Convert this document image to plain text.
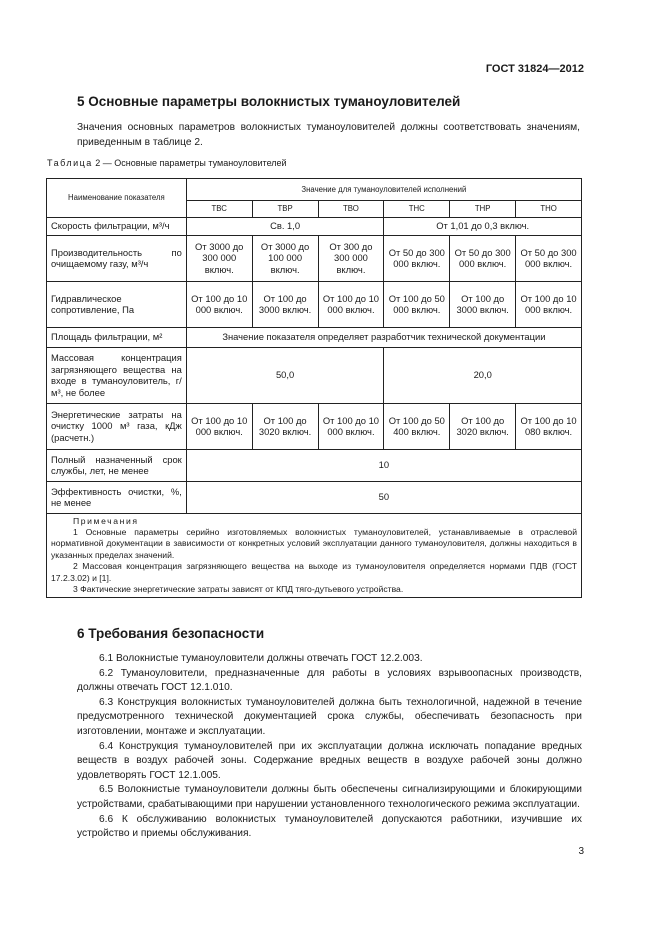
ГОСТ 31824—2012
5 Основные параметры волокнистых туманоуловителей
Значения основных параметров волокнистых туманоуловителей должны соответствовать значениям, приведенным в таблице 2.
Таблица 2 — Основные параметры туманоуловителей
Наименование показателя	Значение для туманоуловителей исполнений					
	ТВС	ТВР	ТВО	ТНС	ТНР	ТНО
Скорость фильтрации, м³/ч	Св. 1,0			От 1,01 до 0,3 включ.		
Производительность по очищаемому газу, м³/ч	От 3000 до 300 000 включ.	От 3000 до 100 000 включ.	От 300 до 300 000 включ.	От 50 до 300 000 включ.	От 50 до 300 000 включ.	От 50 до 300 000 включ.
Гидравлическое сопротивление, Па	От 100 до 10 000 включ.	От 100 до 3000 включ.	От 100 до 10 000 включ.	От 100 до 50 000 включ.	От 100 до 3000 включ.	От 100 до 10 000 включ.
Площадь фильтрации, м²	Значение показателя определяет разработчик технической документации					
Массовая концентрация загрязняющего вещества на входе в туманоуловитель, г/м³, не более	50,0			20,0		
Энергетические затраты на очистку 1000 м³ газа, кДж (расчетн.)	От 100 до 10 000 включ.	От 100 до 3020 включ.	От 100 до 10 000 включ.	От 100 до 50 400 включ.	От 100 до 3020 включ.	От 100 до 10 080 включ.
Полный назначенный срок службы, лет, не менее	10					
Эффективность очистки, %, не менее	50					

Примечания

1 Основные параметры серийно изготовляемых волокнистых туманоуловителей, устанавливаемые в отраслевой нормативной документации в зависимости от конкретных условий эксплуатации данного туманоуловителя, должны находиться в указанных пределах значений.

2 Массовая концентрация загрязняющего вещества на выходе из туманоуловителя определяется нормами ПДВ (ГОСТ 17.2.3.02) и [1].

3 Фактические энергетические затраты зависят от КПД тяго-дутьевого устройства.						

6 Требования безопасности

6.1 Волокнистые туманоуловители должны отвечать ГОСТ 12.2.003.

6.2 Туманоуловители, предназначенные для работы в условиях взрывоопасных производств, должны отвечать ГОСТ 12.1.010.

6.3 Конструкция волокнистых туманоуловителей должна быть технологичной, надежной в течение предусмотренного технической документацией срока службы, обеспечивать безопасность при изготовлении, монтаже и эксплуатации.

6.4 Конструкция туманоуловителей при их эксплуатации должна исключать попадание вредных веществ в воздух рабочей зоны. Содержание вредных веществ в воздухе рабочей зоны должно удовлетворять ГОСТ 12.1.005.

6.5 Волокнистые туманоуловители должны быть обеспечены сигнализирующими и блокирующими устройствами, срабатывающими при нарушении установленного технологического режима эксплуатации.

6.6 К обслуживанию волокнистых туманоуловителей допускаются работники, изучившие их устройство и приемы обслуживания.

3
